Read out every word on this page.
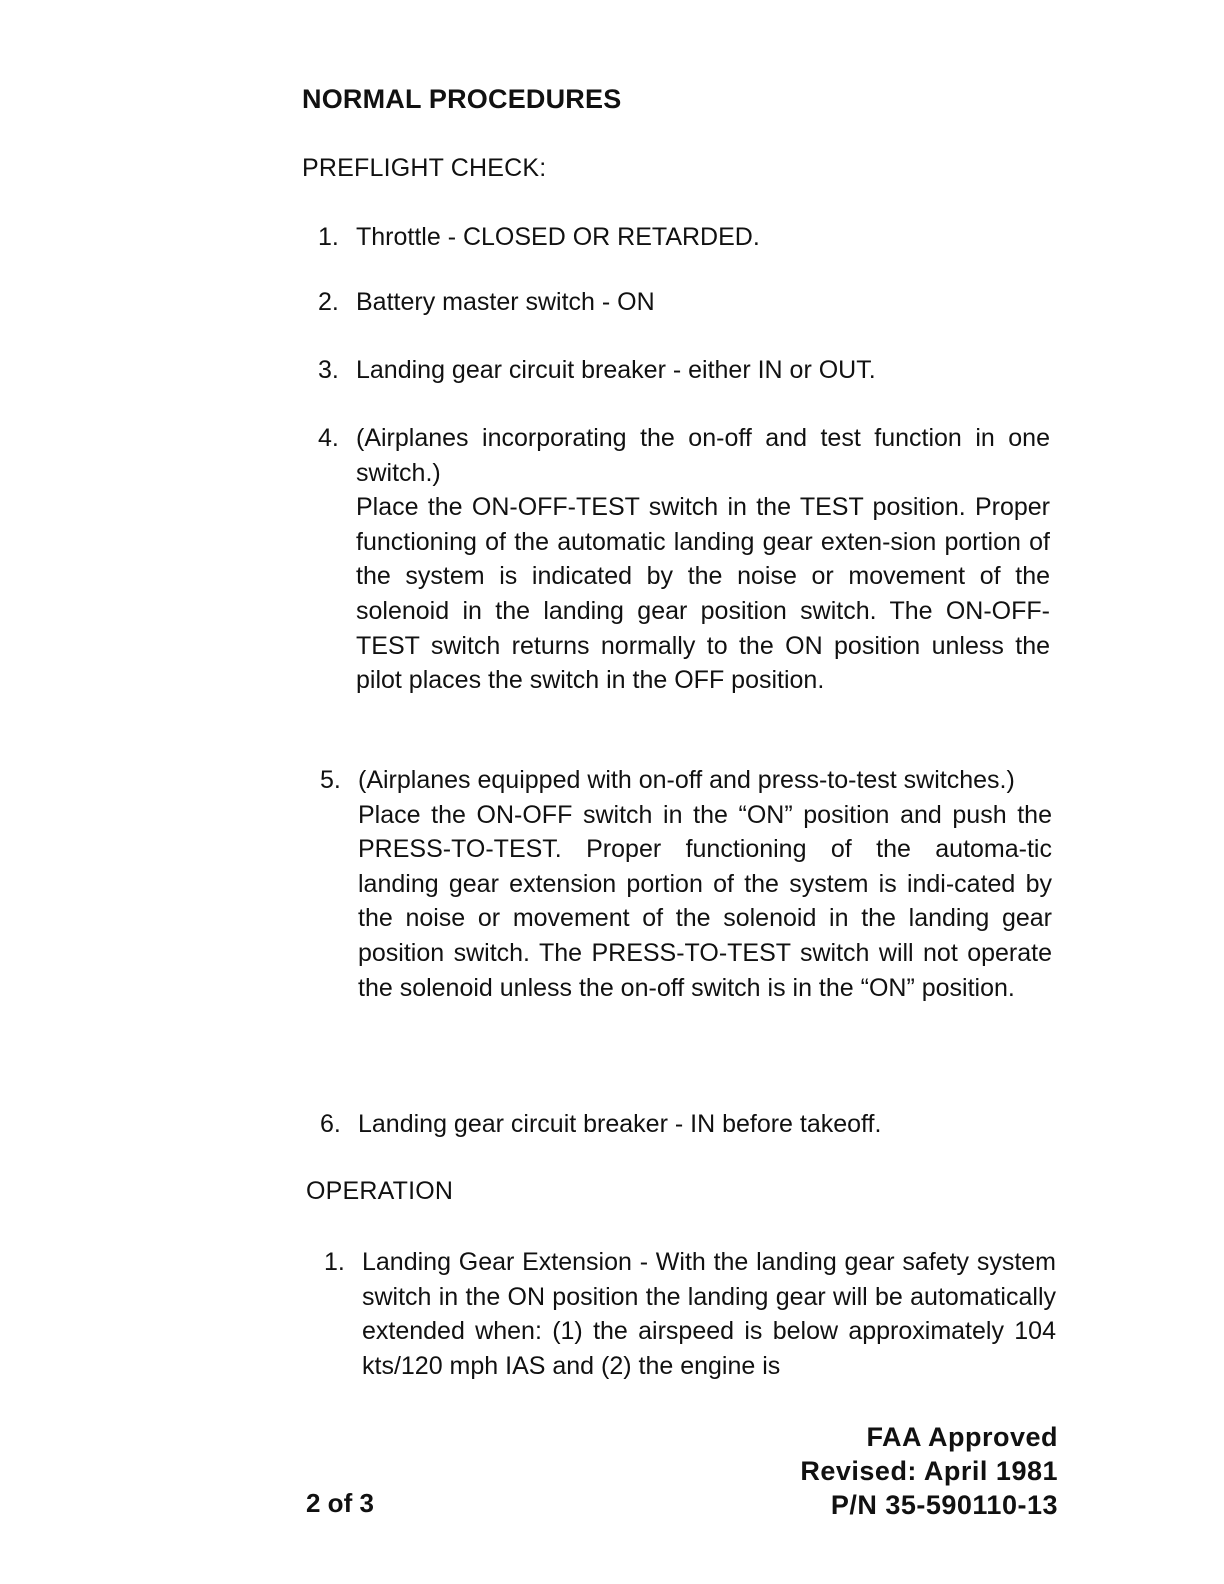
NORMAL PROCEDURES
PREFLIGHT CHECK:
1. Throttle - CLOSED OR RETARDED.

2. Battery master switch - ON

3. Landing gear circuit breaker - either IN or OUT.

4. (Airplanes incorporating the on-off and test function in one switch.)

Place the ON-OFF-TEST switch in the TEST position. Proper functioning of the automatic landing gear exten-sion portion of the system is indicated by the noise or movement of the solenoid in the landing gear position switch. The ON-OFF-TEST switch returns normally to the ON position unless the pilot places the switch in the OFF position.

5. (Airplanes equipped with on-off and press-to-test switches.)

Place the ON-OFF switch in the “ON” position and push the PRESS-TO-TEST. Proper functioning of the automa-tic landing gear extension portion of the system is indi-cated by the noise or movement of the solenoid in the landing gear position switch. The PRESS-TO-TEST switch will not operate the solenoid unless the on-off switch is in the “ON” position.

6. Landing gear circuit breaker - IN before takeoff.

OPERATION
1. Landing Gear Extension - With the landing gear safety system switch in the ON position the landing gear will be automatically extended when: (1) the airspeed is below approximately 104 kts/120 mph IAS and (2) the engine is

2 of 3
FAA Approved
Revised: April 1981
P/N 35-590110-13
